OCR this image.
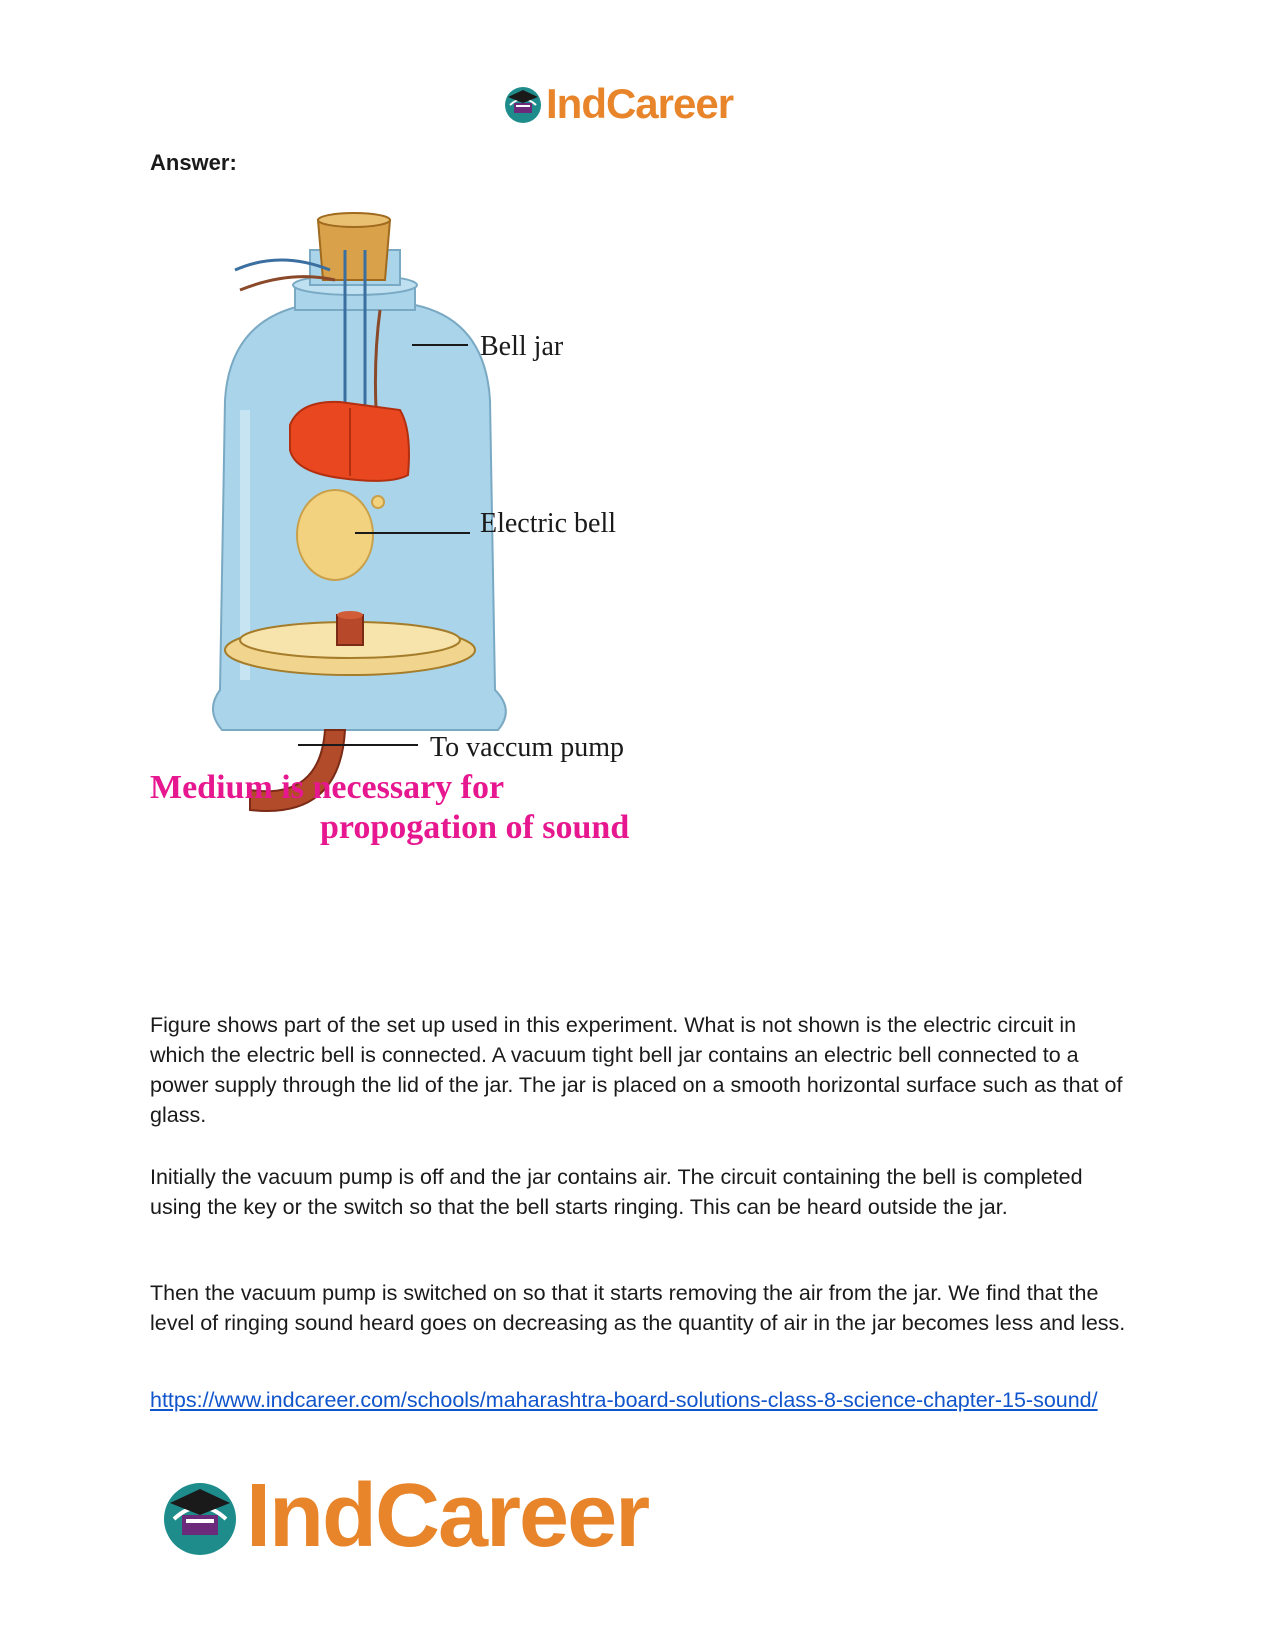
IndCareer
Answer:
Bell jar
Electric bell
To vaccum pump
Medium is necessary for
propogation of sound

Figure shows part of the set up used in this experiment. What is not shown is the electric circuit in which the electric bell is connected. A vacuum tight bell jar contains an electric bell connected to a power supply through the lid of the jar. The jar is placed on a smooth horizontal surface such as that of glass.

Initially the vacuum pump is off and the jar contains air. The circuit containing the bell is completed using the key or the switch so that the bell starts ringing. This can be heard outside the jar.

Then the vacuum pump is switched on so that it starts removing the air from the jar. We find that the level of ringing sound heard goes on decreasing as the quantity of air in the jar becomes less and less.

https://www.indcareer.com/schools/maharashtra-board-solutions-class-8-science-chapter-15-sound/
IndCareer
